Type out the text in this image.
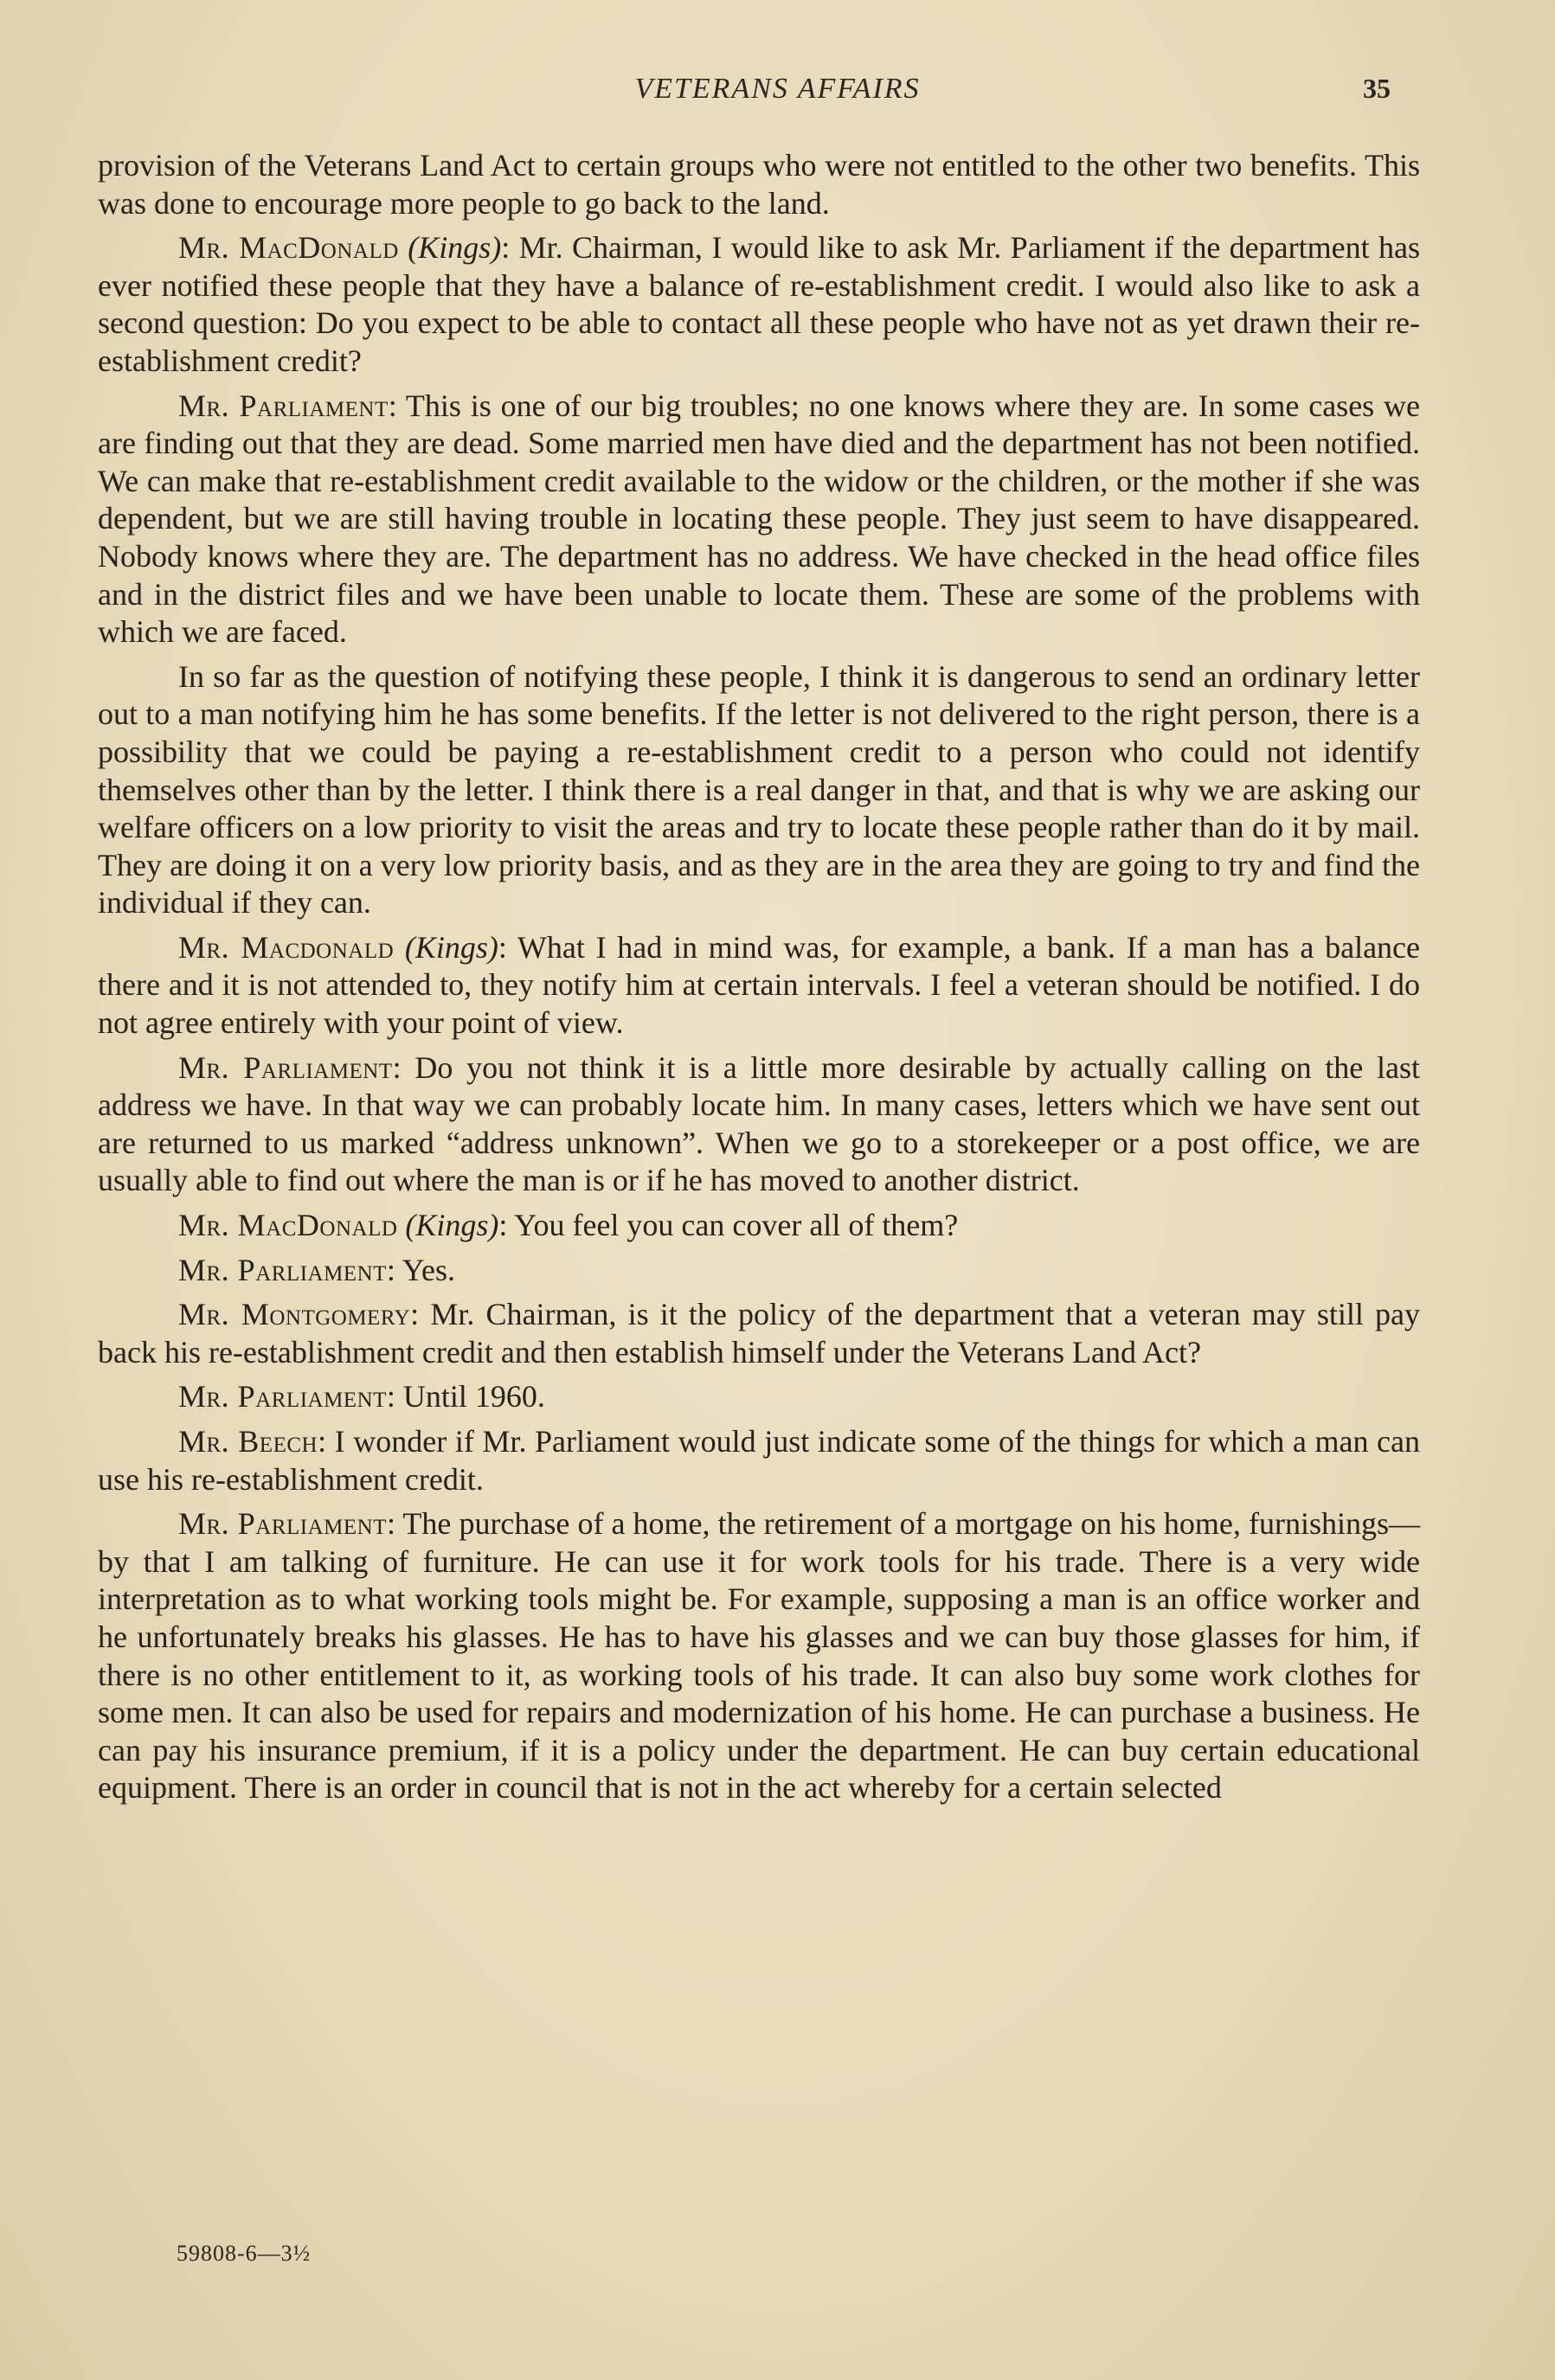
VETERANS AFFAIRS	35

provision of the Veterans Land Act to certain groups who were not entitled to the other two benefits. This was done to encourage more people to go back to the land.

Mr. MacDonald (Kings): Mr. Chairman, I would like to ask Mr. Parliament if the department has ever notified these people that they have a balance of re-establishment credit. I would also like to ask a second question: Do you expect to be able to contact all these people who have not as yet drawn their re-establishment credit?

Mr. Parliament: This is one of our big troubles; no one knows where they are. In some cases we are finding out that they are dead. Some married men have died and the department has not been notified. We can make that re-establishment credit available to the widow or the children, or the mother if she was dependent, but we are still having trouble in locating these people. They just seem to have disappeared. Nobody knows where they are. The department has no address. We have checked in the head office files and in the district files and we have been unable to locate them. These are some of the problems with which we are faced.

In so far as the question of notifying these people, I think it is dangerous to send an ordinary letter out to a man notifying him he has some benefits. If the letter is not delivered to the right person, there is a possibility that we could be paying a re-establishment credit to a person who could not identify themselves other than by the letter. I think there is a real danger in that, and that is why we are asking our welfare officers on a low priority to visit the areas and try to locate these people rather than do it by mail. They are doing it on a very low priority basis, and as they are in the area they are going to try and find the individual if they can.

Mr. Macdonald (Kings): What I had in mind was, for example, a bank. If a man has a balance there and it is not attended to, they notify him at certain intervals. I feel a veteran should be notified. I do not agree entirely with your point of view.

Mr. Parliament: Do you not think it is a little more desirable by actually calling on the last address we have. In that way we can probably locate him. In many cases, letters which we have sent out are returned to us marked “address unknown”. When we go to a storekeeper or a post office, we are usually able to find out where the man is or if he has moved to another district.

Mr. MacDonald (Kings): You feel you can cover all of them?

Mr. Parliament: Yes.

Mr. Montgomery: Mr. Chairman, is it the policy of the department that a veteran may still pay back his re-establishment credit and then establish himself under the Veterans Land Act?

Mr. Parliament: Until 1960.

Mr. Beech: I wonder if Mr. Parliament would just indicate some of the things for which a man can use his re-establishment credit.

Mr. Parliament: The purchase of a home, the retirement of a mortgage on his home, furnishings—by that I am talking of furniture. He can use it for work tools for his trade. There is a very wide interpretation as to what working tools might be. For example, supposing a man is an office worker and he unfortunately breaks his glasses. He has to have his glasses and we can buy those glasses for him, if there is no other entitlement to it, as working tools of his trade. It can also buy some work clothes for some men. It can also be used for repairs and modernization of his home. He can purchase a business. He can pay his insurance premium, if it is a policy under the department. He can buy certain educational equipment. There is an order in council that is not in the act whereby for a certain selected

59808-6—3½
